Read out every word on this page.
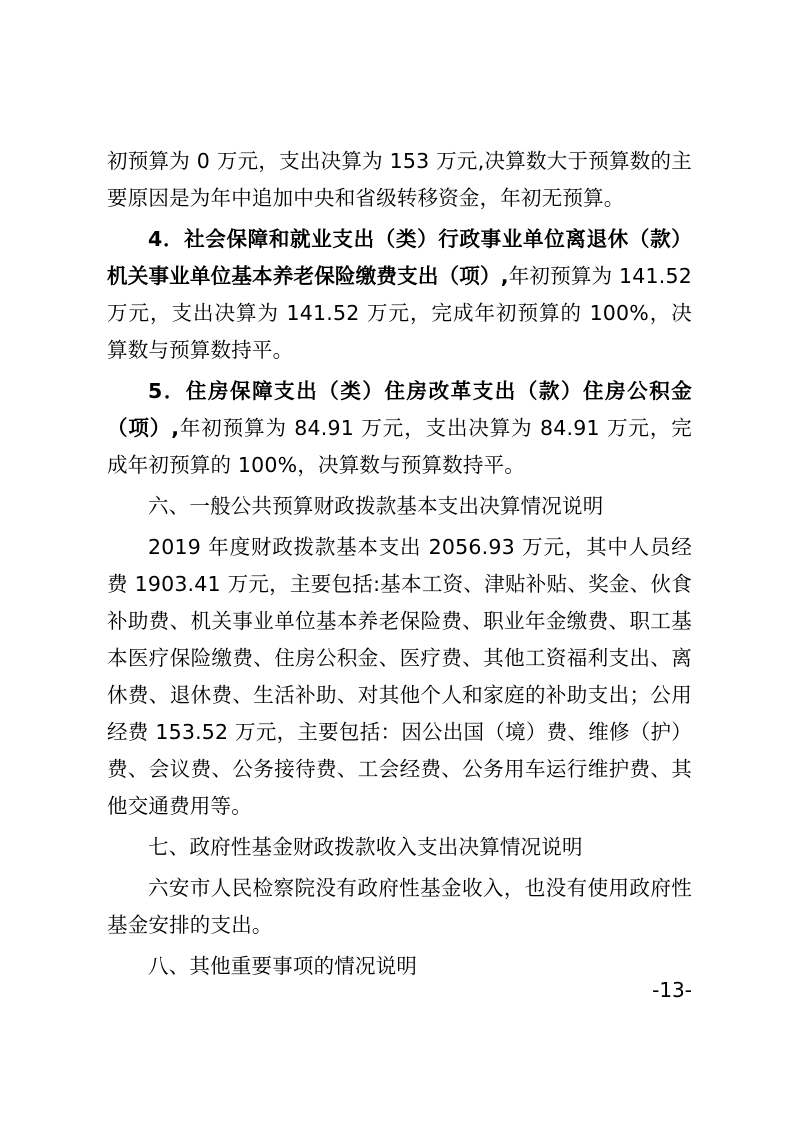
初预算为 0 万元，支出决算为 153 万元,决算数大于预算数的主要原因是为年中追加中央和省级转移资金，年初无预算。

4．社会保障和就业支出（类）行政事业单位离退休（款）机关事业单位基本养老保险缴费支出（项）,年初预算为 141.52 万元，支出决算为 141.52 万元，完成年初预算的 100%，决算数与预算数持平。

5．住房保障支出（类）住房改革支出（款）住房公积金（项）,年初预算为 84.91 万元，支出决算为 84.91 万元，完成年初预算的 100%，决算数与预算数持平。

六、一般公共预算财政拨款基本支出决算情况说明

2019 年度财政拨款基本支出 2056.93 万元，其中人员经费 1903.41 万元，主要包括:基本工资、津贴补贴、奖金、伙食补助费、机关事业单位基本养老保险费、职业年金缴费、职工基本医疗保险缴费、住房公积金、医疗费、其他工资福利支出、离休费、退休费、生活补助、对其他个人和家庭的补助支出；公用经费 153.52 万元，主要包括：因公出国（境）费、维修（护）费、会议费、公务接待费、工会经费、公务用车运行维护费、其他交通费用等。

七、政府性基金财政拨款收入支出决算情况说明

六安市人民检察院没有政府性基金收入，也没有使用政府性基金安排的支出。

八、其他重要事项的情况说明

-13-
